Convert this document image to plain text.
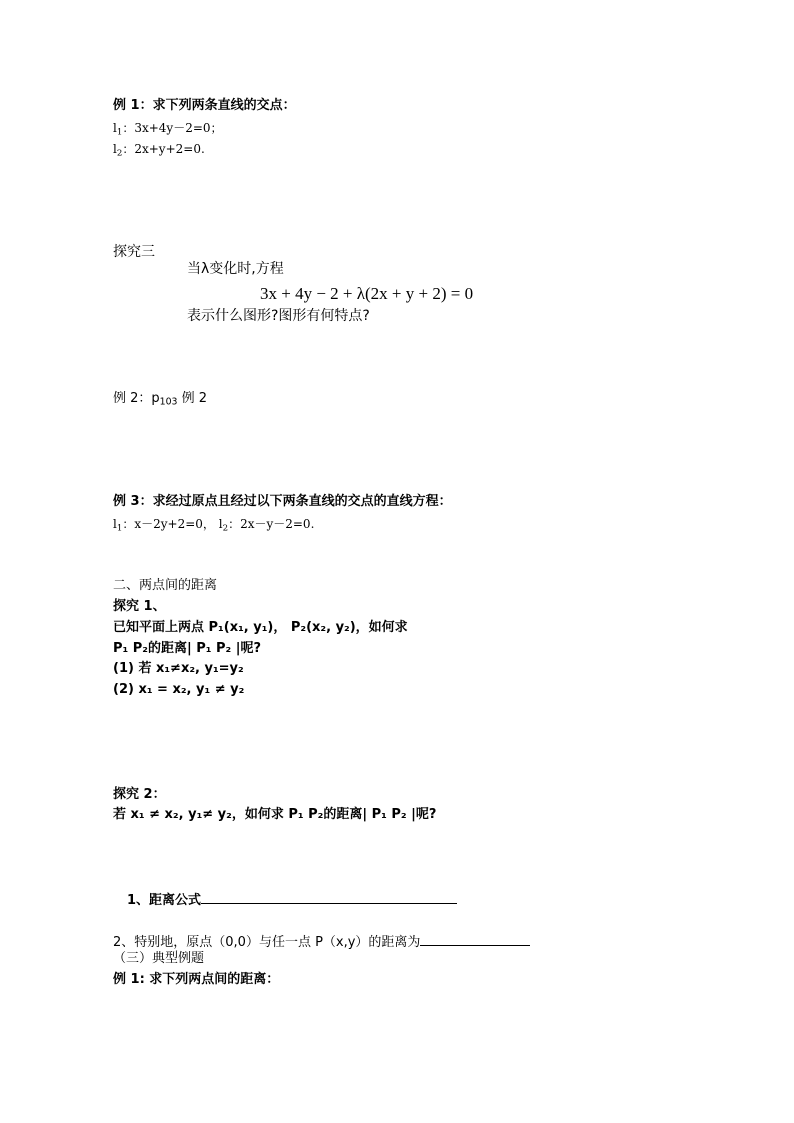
例 1：求下列两条直线的交点：
$l_1$：3x+4y－2=0；
$l_2$：2x+y+2=0.
探究三
当λ变化时,方程
3x + 4y − 2 + λ(2x + y + 2) = 0
表示什么图形?图形有何特点?
例 2：$p_{103}$ 例 2
例 3：求经过原点且经过以下两条直线的交点的直线方程：
$l_1$：x－2y+2=0， $l_2$：2x－y－2=0.
二、两点间的距离
探究 1、
已知平面上两点 P₁(x₁, y₁)， P₂(x₂, y₂)，如何求
P₁ P₂的距离| P₁ P₂ |呢?
(1) 若 x₁≠x₂, y₁=y₂
(2) x₁ = x₂, y₁ ≠ y₂
探究 2：
若 x₁ ≠ x₂, y₁≠ y₂，如何求 P₁ P₂的距离| P₁ P₂ |呢?
1、距离公式
2、特别地，原点（0,0）与任一点 P（x,y）的距离为
（三）典型例题
例 1: 求下列两点间的距离：
